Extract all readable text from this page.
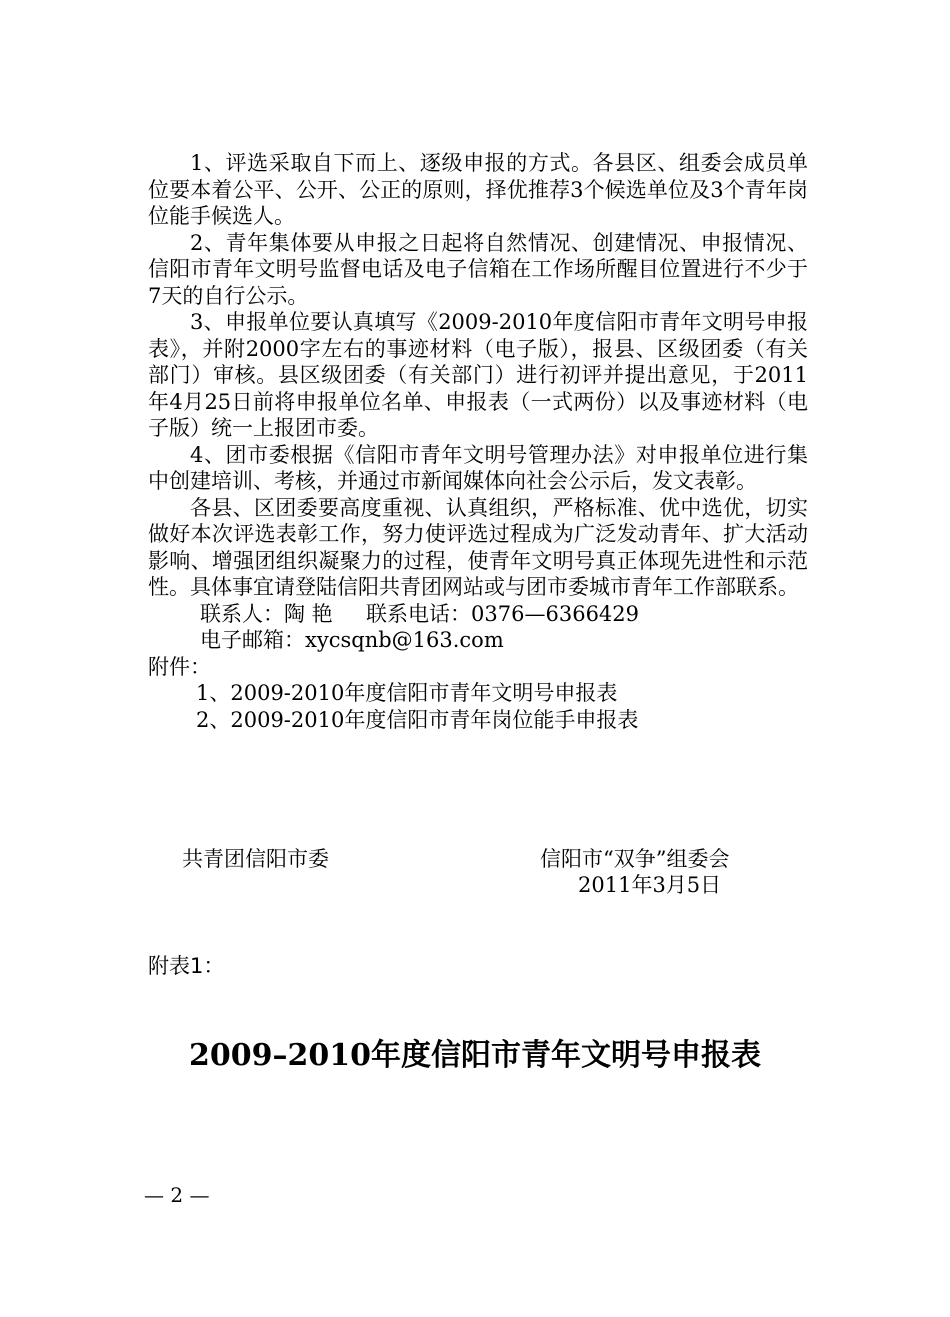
1、评选采取自下而上、逐级申报的方式。各县区、组委会成员单位要本着公平、公开、公正的原则，择优推荐3个候选单位及3个青年岗位能手候选人。

2、青年集体要从申报之日起将自然情况、创建情况、申报情况、信阳市青年文明号监督电话及电子信箱在工作场所醒目位置进行不少于7天的自行公示。

3、申报单位要认真填写《2009-2010年度信阳市青年文明号申报表》，并附2000字左右的事迹材料（电子版），报县、区级团委（有关部门）审核。县区级团委（有关部门）进行初评并提出意见，于2011年4月25日前将申报单位名单、申报表（一式两份）以及事迹材料（电子版）统一上报团市委。

4、团市委根据《信阳市青年文明号管理办法》对申报单位进行集中创建培训、考核，并通过市新闻媒体向社会公示后，发文表彰。

各县、区团委要高度重视、认真组织，严格标准、优中选优，切实做好本次评选表彰工作，努力使评选过程成为广泛发动青年、扩大活动影响、增强团组织凝聚力的过程，使青年文明号真正体现先进性和示范性。具体事宜请登陆信阳共青团网站或与团市委城市青年工作部联系。

联系人：陶 艳     联系电话：0376—6366429

电子邮箱：xycsqnb@163.com

附件：

1、2009-2010年度信阳市青年文明号申报表

2、2009-2010年度信阳市青年岗位能手申报表

共青团信阳市委	信阳市“双争”组委会
2011年3月5日
附表1：
2009–2010年度信阳市青年文明号申报表
— 2 —
